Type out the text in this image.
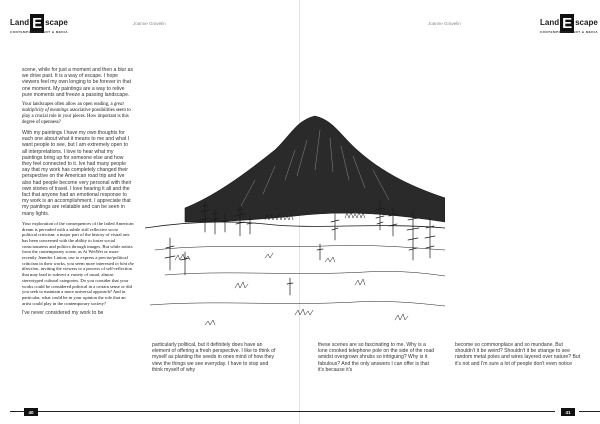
Land E scape
CONTEMPORARY ART & MEDIA
Joanne Gravelin

scene, while for just a moment and then a blur as we drive past. It is a way of escape. I hope viewers feel my own longing to be forever in that one moment. My paintings are a way to relive pure moments and freeze a passing landscape.

Your landscapes often allow an open reading, a great multiplicity of meanings associative possibilities seem to play a crucial role in your pieces. How important is this degree of openness?

With my paintings I have my own thoughts for each one about what it means to me and what I want people to see, but I am extremely open to all interpretations. I love to hear what my paintings bring up for someone else and how they feel connected to it. Ive had many people say that my work has completely changed their perspective on the American road trip and Ive also had people become very personal with their own stories of travel. I love hearing it all and the fact that anyone had an emotional response to my work is an accomplishment. I appreciate that my paintings are relatable and can be seen in many lights.

Your exploration of the consequences of the failed American dream is pervaded with a subtle stiff reflective socio political criticism: a major part of the history of visual arts has been concerned with the ability to foster social consciousness and politics through images. But while artists from the contemporary scene, as Ai WeiWei or more recently Jennifer Linton, use to express a precise/political criticism in their works, you seem more interested to hint the direction, inviting the viewers to a process of self-reflection that may lead to subvert a variety of usual, almost stereotyped cultural categories. Do you consider that your works could be considered political in a certain sense or did you seek to maintain a more universal approach? And in particular, what could be in your opinion the role that an artist could play in the contemporary society?

I've never considered my work to be

40
Land E scape
CONTEMPORARY ART & MEDIA
Joanne Gravelin
41

particularly political, but it definitely does have an element of offering a fresh perspective. I like to think of myself as planting the seeds in ones mind of how they view the things we see everyday. I have to stop and think myself of why

these scenes are so fascinating to me. Why is a lone crooked telephone pole on the side of the road amidst overgrown shrubs so intriguing? Why is it fabulous? And the only answers I can offer is that it's because it's

become so commonplace and so mundane. But shouldn't it be weird? Shouldn't it be strange to see random metal poles and wires layered over nature? But it's not and I'm sure a lot of people don't even notice
